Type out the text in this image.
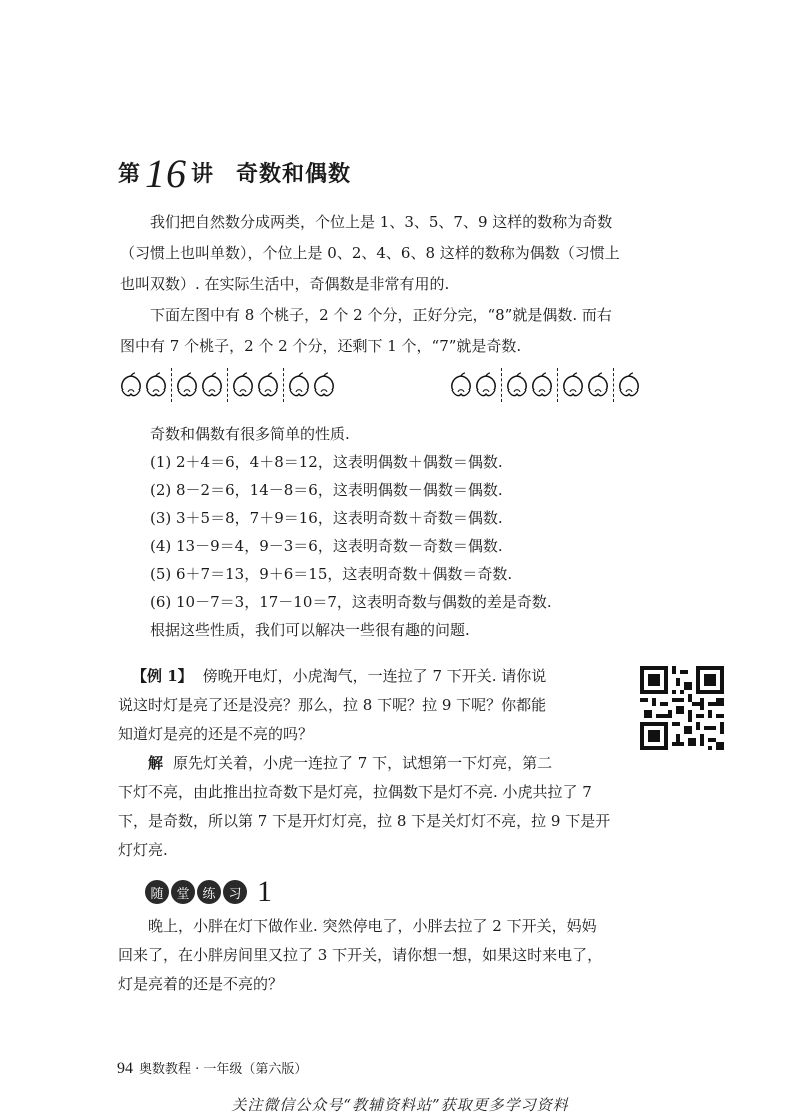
第 16 讲 奇数和偶数
我们把自然数分成两类，个位上是 1、3、5、7、9 这样的数称为奇数
（习惯上也叫单数），个位上是 0、2、4、6、8 这样的数称为偶数（习惯上
也叫双数）. 在实际生活中，奇偶数是非常有用的.
下面左图中有 8 个桃子，2 个 2 个分，正好分完，“8”就是偶数. 而右
图中有 7 个桃子，2 个 2 个分，还剩下 1 个，“7”就是奇数.
奇数和偶数有很多简单的性质.
(1) 2＋4＝6，4＋8＝12，这表明偶数＋偶数＝偶数.
(2) 8－2＝6，14－8＝6，这表明偶数－偶数＝偶数.
(3) 3＋5＝8，7＋9＝16，这表明奇数＋奇数＝偶数.
(4) 13－9＝4，9－3＝6，这表明奇数－奇数＝偶数.
(5) 6＋7＝13，9＋6＝15，这表明奇数＋偶数＝奇数.
(6) 10－7＝3，17－10＝7，这表明奇数与偶数的差是奇数.
根据这些性质，我们可以解决一些很有趣的问题.
【例 1】 傍晚开电灯，小虎淘气，一连拉了 7 下开关. 请你说
说这时灯是亮了还是没亮？那么，拉 8 下呢？拉 9 下呢？你都能
知道灯是亮的还是不亮的吗？
解 原先灯关着，小虎一连拉了 7 下，试想第一下灯亮，第二
下灯不亮，由此推出拉奇数下是灯亮，拉偶数下是灯不亮. 小虎共拉了 7
下，是奇数，所以第 7 下是开灯灯亮，拉 8 下是关灯灯不亮，拉 9 下是开
灯灯亮.
随 堂 练 习 1
晚上，小胖在灯下做作业. 突然停电了，小胖去拉了 2 下开关，妈妈
回来了，在小胖房间里又拉了 3 下开关，请你想一想，如果这时来电了，
灯是亮着的还是不亮的？
94 奥数教程 · 一年级（第六版）
关注微信公众号“教辅资料站”获取更多学习资料
